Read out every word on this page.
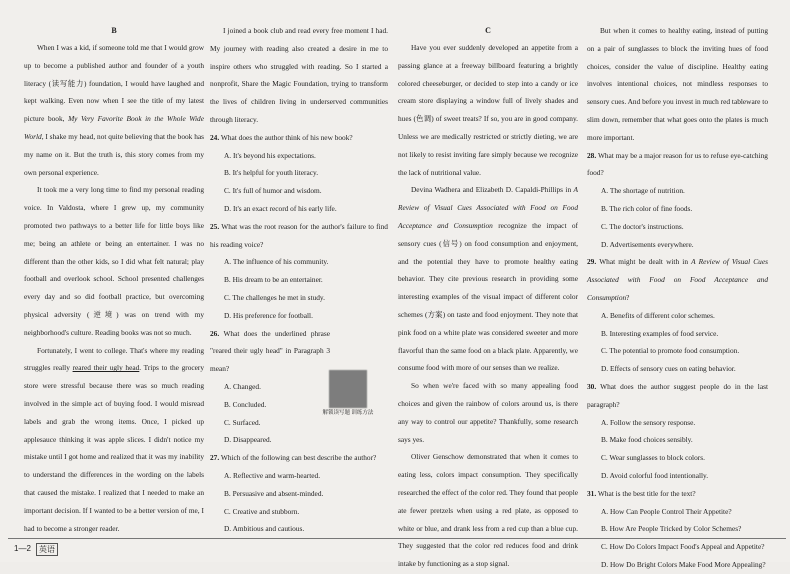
B

When I was a kid, if someone told me that I would grow up to become a published author and founder of a youth literacy (读写能力) foundation, I would have laughed and kept walking. Even now when I see the title of my latest picture book, My Very Favorite Book in the Whole Wide World, I shake my head, not quite believing that the book has my name on it. But the truth is, this story comes from my own personal experience.

It took me a very long time to find my personal reading voice. In Valdosta, where I grew up, my community promoted two pathways to a better life for little boys like me; being an athlete or being an entertainer. I was no different than the other kids, so I did what felt natural; play football and overlook school. School presented challenges every day and so did football practice, but overcoming physical adversity (逆境) was on trend with my neighborhood's culture. Reading books was not so much.

Fortunately, I went to college. That's where my reading struggles really reared their ugly head. Trips to the grocery store were stressful because there was so much reading involved in the simple act of buying food. I would misread labels and grab the wrong items. Once, I picked up applesauce thinking it was apple slices. I didn't notice my mistake until I got home and realized that it was my inability to understand the differences in the wording on the labels that caused the mistake. I realized that I needed to make an important decision. If I wanted to be a better version of me, I had to become a stronger reader.

I joined a book club and read every free moment I had. My journey with reading also created a desire in me to inspire others who struggled with reading. So I started a nonprofit, Share the Magic Foundation, trying to transform the lives of children living in underserved communities through literacy.

24. What does the author think of his new book?

A. It's beyond his expectations.

B. It's helpful for youth literacy.

C. It's full of humor and wisdom.

D. It's an exact record of his early life.

25. What was the root reason for the author's failure to find his reading voice?

A. The influence of his community.

B. His dream to be an entertainer.

C. The challenges he met in study.

D. His preference for football.

26. What does the underlined phrase "reared their ugly head" in Paragraph 3 mean?

A. Changed.

B. Concluded.

C. Surfaced.

D. Disappeared.

27. Which of the following can best describe the author?

A. Reflective and warm-hearted.

B. Persuasive and absent-minded.

C. Creative and stubborn.

D. Ambitious and cautious.

解锁读写题 训练方法

C

Have you ever suddenly developed an appetite from a passing glance at a freeway billboard featuring a brightly colored cheeseburger, or decided to step into a candy or ice cream store displaying a window full of lively shades and hues (色调) of sweet treats? If so, you are in good company. Unless we are medically restricted or strictly dieting, we are not likely to resist inviting fare simply because we recognize the lack of nutritional value.

Devina Wadhera and Elizabeth D. Capaldi-Phillips in A Review of Visual Cues Associated with Food on Food Acceptance and Consumption recognize the impact of sensory cues (信号) on food consumption and enjoyment, and the potential they have to promote healthy eating behavior. They cite previous research in providing some interesting examples of the visual impact of different color schemes (方案) on taste and food enjoyment. They note that pink food on a white plate was considered sweeter and more flavorful than the same food on a black plate. Apparently, we consume food with more of our senses than we realize.

So when we're faced with so many appealing food choices and given the rainbow of colors around us, is there any way to control our appetite? Thankfully, some research says yes.

Oliver Genschow demonstrated that when it comes to eating less, colors impact consumption. They specifically researched the effect of the color red. They found that people ate fewer pretzels when using a red plate, as opposed to white or blue, and drank less from a red cup than a blue cup. They suggested that the color red reduces food and drink intake by functioning as a stop signal.

But when it comes to healthy eating, instead of putting on a pair of sunglasses to block the inviting hues of food choices, consider the value of discipline. Healthy eating involves intentional choices, not mindless responses to sensory cues. And before you invest in much red tableware to slim down, remember that what goes onto the plates is much more important.

28. What may be a major reason for us to refuse eye-catching food?

A. The shortage of nutrition.

B. The rich color of fine foods.

C. The doctor's instructions.

D. Advertisements everywhere.

29. What might be dealt with in A Review of Visual Cues Associated with Food on Food Acceptance and Consumption?

A. Benefits of different color schemes.

B. Interesting examples of food service.

C. The potential to promote food consumption.

D. Effects of sensory cues on eating behavior.

30. What does the author suggest people do in the last paragraph?

A. Follow the sensory response.

B. Make food choices sensibly.

C. Wear sunglasses to block colors.

D. Avoid colorful food intentionally.

31. What is the best title for the text?

A. How Can People Control Their Appetite?

B. How Are People Tricked by Color Schemes?

C. How Do Colors Impact Food's Appeal and Appetite?

D. How Do Bright Colors Make Food More Appealing?

1—2	英语
